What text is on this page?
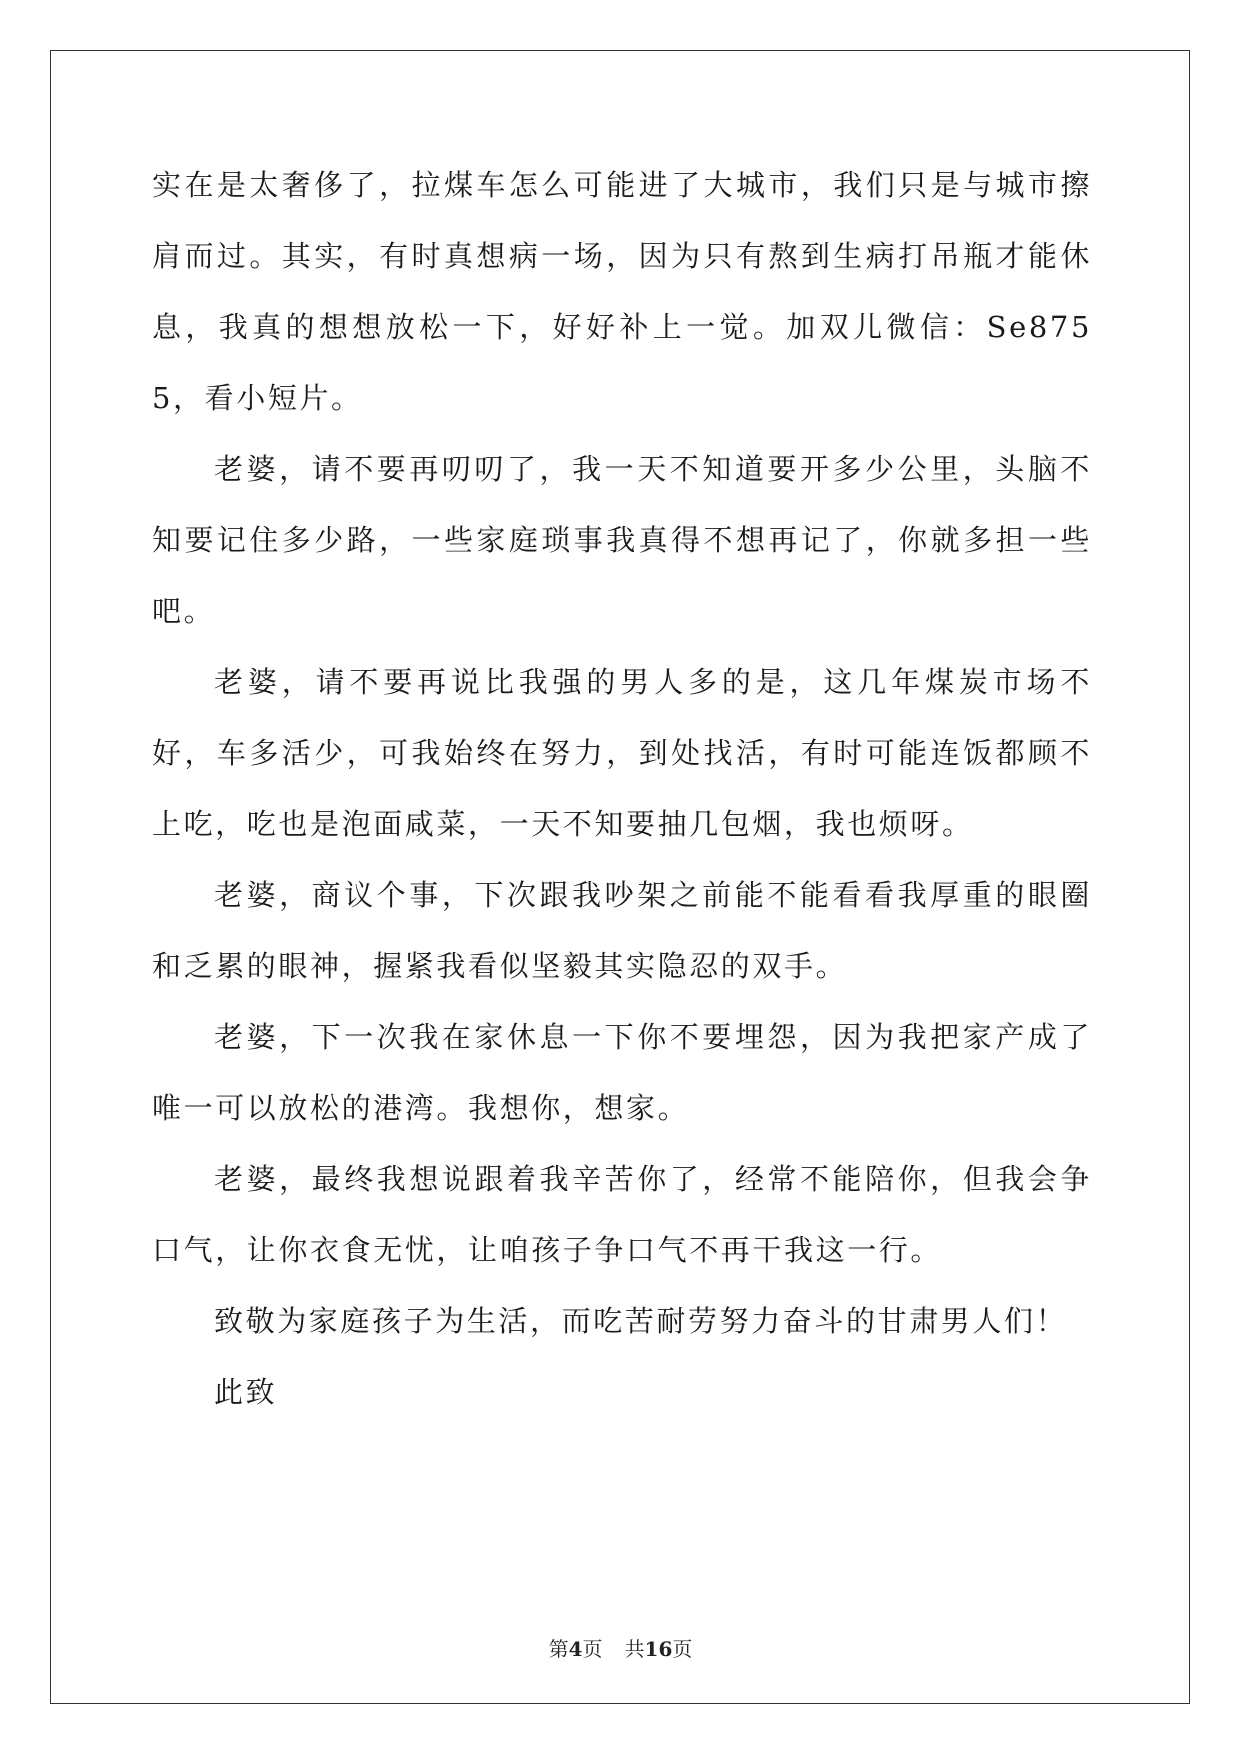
实在是太奢侈了，拉煤车怎么可能进了大城市，我们只是与城市擦肩而过。其实，有时真想病一场，因为只有熬到生病打吊瓶才能休息，我真的想想放松一下，好好补上一觉。加双儿微信：Se8755，看小短片。

老婆，请不要再叨叨了，我一天不知道要开多少公里，头脑不知要记住多少路，一些家庭琐事我真得不想再记了，你就多担一些吧。

老婆，请不要再说比我强的男人多的是，这几年煤炭市场不好，车多活少，可我始终在努力，到处找活，有时可能连饭都顾不上吃，吃也是泡面咸菜，一天不知要抽几包烟，我也烦呀。

老婆，商议个事，下次跟我吵架之前能不能看看我厚重的眼圈和乏累的眼神，握紧我看似坚毅其实隐忍的双手。

老婆，下一次我在家休息一下你不要埋怨，因为我把家产成了唯一可以放松的港湾。我想你，想家。

老婆，最终我想说跟着我辛苦你了，经常不能陪你，但我会争口气，让你衣食无忧，让咱孩子争口气不再干我这一行。

致敬为家庭孩子为生活，而吃苦耐劳努力奋斗的甘肃男人们！

此致

第4页 共16页
